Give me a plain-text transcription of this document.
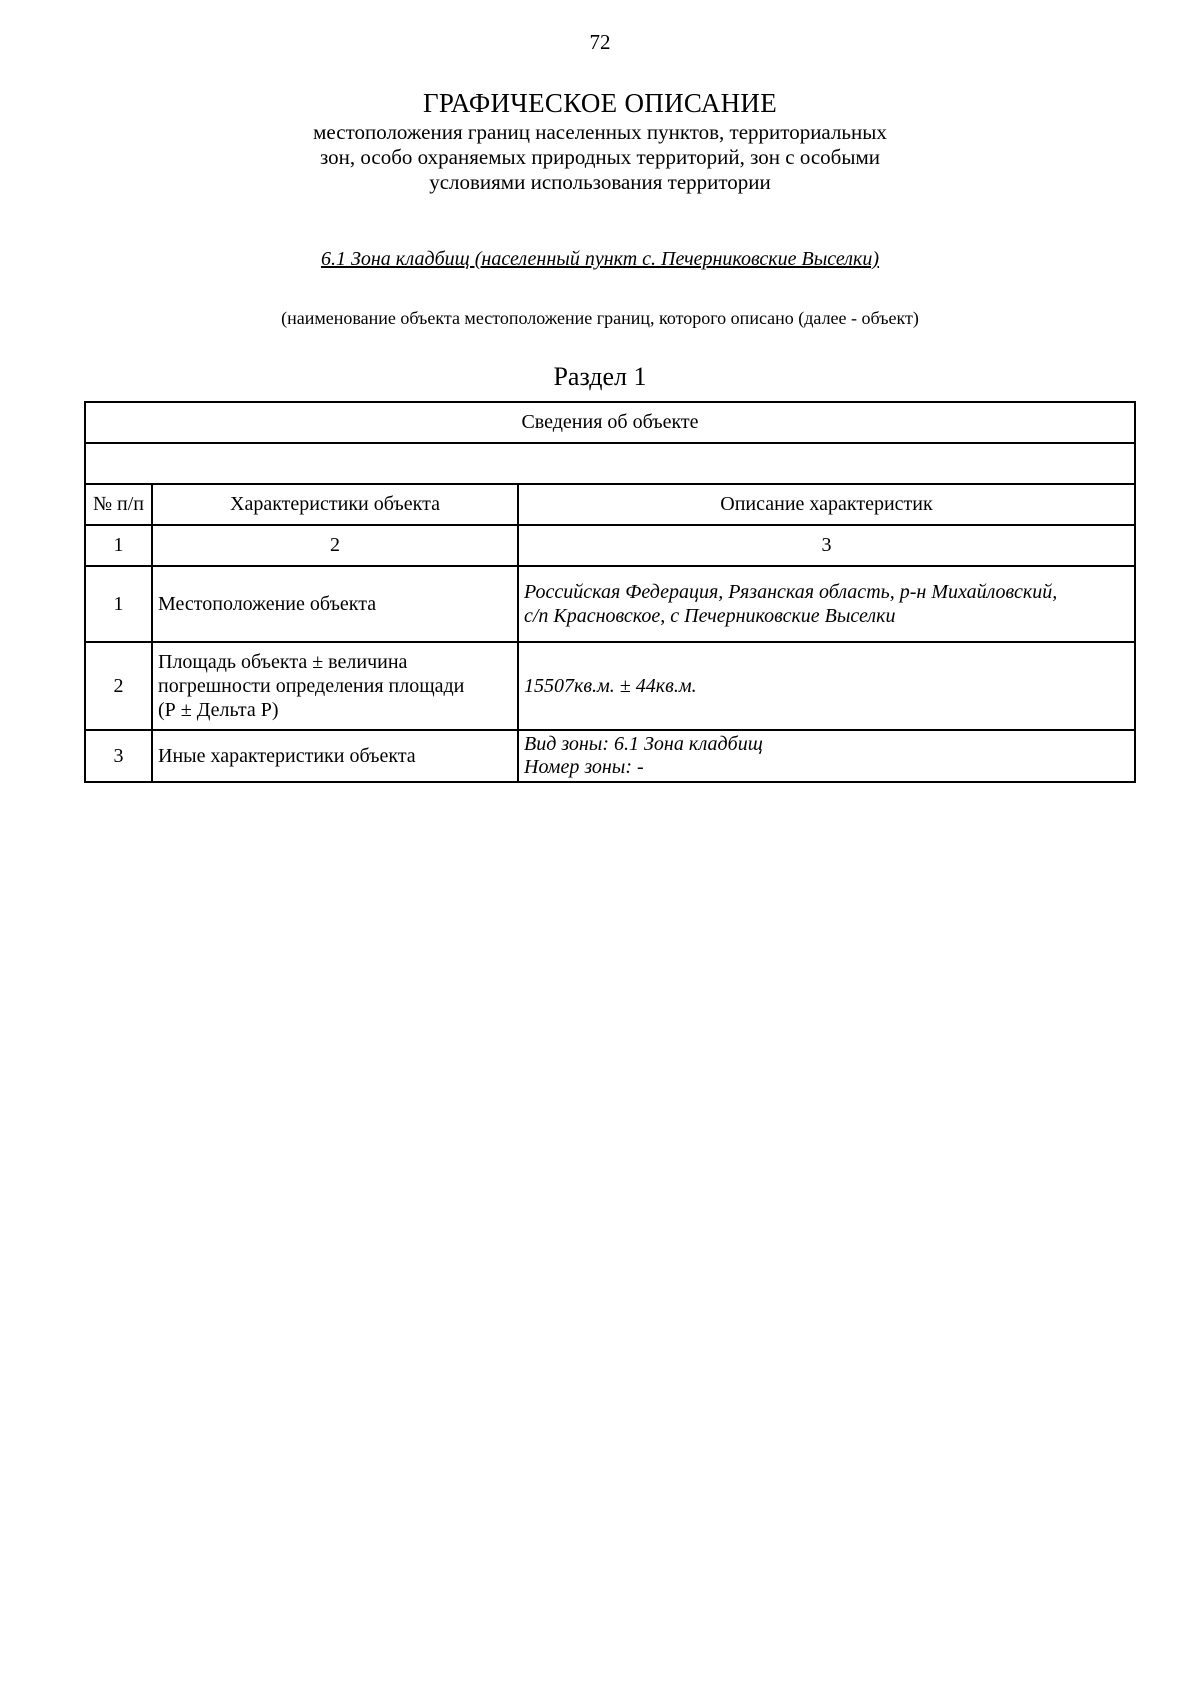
72
ГРАФИЧЕСКОЕ ОПИСАНИЕ
местоположения границ населенных пунктов, территориальных
зон, особо охраняемых природных территорий, зон с особыми
условиями использования территории
6.1 Зона кладбищ (населенный пункт с. Печерниковские Выселки)
(наименование объекта местоположение границ, которого описано (далее - объект)
Раздел 1
Сведения об объекте		

№ п/п	Характеристики объекта	Описание характеристик
1	2	3
1	Местоположение объекта	Российская Федерация, Рязанская область, р-н Михайловский,
с/п Красновское, с Печерниковские Выселки

2	Площадь объекта ± величина
погрешности определения площади
(Р ± Дельта Р)	15507кв.м. ± 44кв.м.

3	Иные характеристики объекта	Вид зоны: 6.1 Зона кладбищ
Номер зоны: -
